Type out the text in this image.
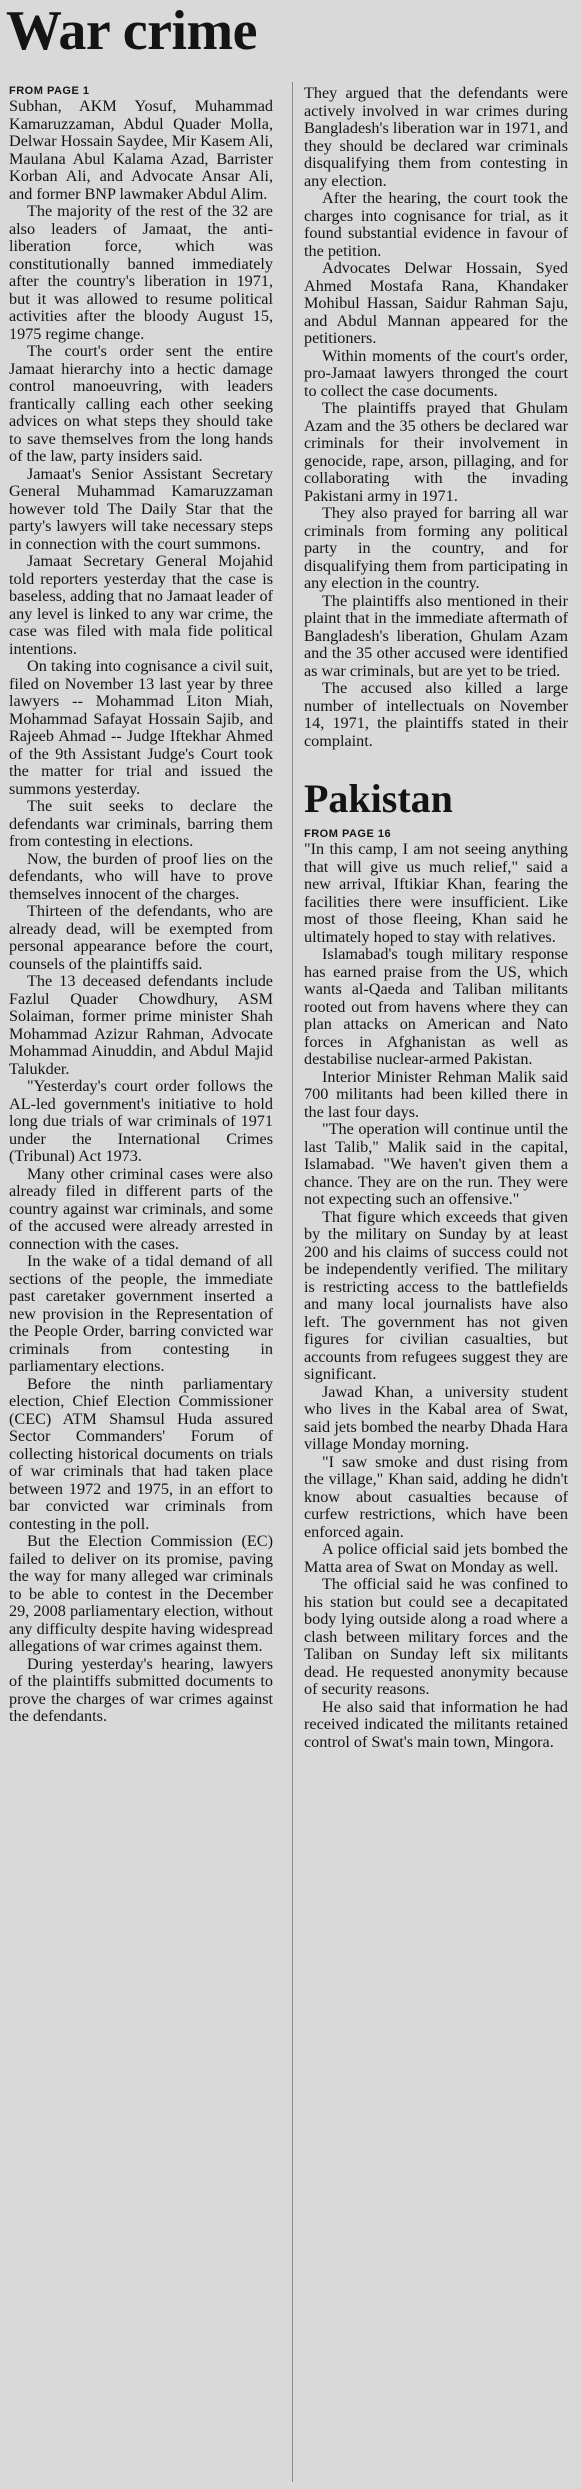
War crime
FROM PAGE 1

Subhan, AKM Yosuf, Muhammad Kamaruzzaman, Abdul Quader Molla, Delwar Hossain Saydee, Mir Kasem Ali, Maulana Abul Kalama Azad, Barrister Korban Ali, and Advocate Ansar Ali, and former BNP lawmaker Abdul Alim.

The majority of the rest of the 32 are also leaders of Jamaat, the anti-liberation force, which was constitutionally banned immediately after the country's liberation in 1971, but it was allowed to resume political activities after the bloody August 15, 1975 regime change.

The court's order sent the entire Jamaat hierarchy into a hectic damage control manoeuvring, with leaders frantically calling each other seeking advices on what steps they should take to save themselves from the long hands of the law, party insiders said.

Jamaat's Senior Assistant Secretary General Muhammad Kamaruzzaman however told The Daily Star that the party's lawyers will take necessary steps in connection with the court summons.

Jamaat Secretary General Mojahid told reporters yesterday that the case is baseless, adding that no Jamaat leader of any level is linked to any war crime, the case was filed with mala fide political intentions.

On taking into cognisance a civil suit, filed on November 13 last year by three lawyers -- Mohammad Liton Miah, Mohammad Safayat Hossain Sajib, and Rajeeb Ahmad -- Judge Iftekhar Ahmed of the 9th Assistant Judge's Court took the matter for trial and issued the summons yesterday.

The suit seeks to declare the defendants war criminals, barring them from contesting in elections.

Now, the burden of proof lies on the defendants, who will have to prove themselves innocent of the charges.

Thirteen of the defendants, who are already dead, will be exempted from personal appearance before the court, counsels of the plaintiffs said.

The 13 deceased defendants include Fazlul Quader Chowdhury, ASM Solaiman, former prime minister Shah Mohammad Azizur Rahman, Advocate Mohammad Ainuddin, and Abdul Majid Talukder.

"Yesterday's court order follows the AL-led government's initiative to hold long due trials of war criminals of 1971 under the International Crimes (Tribunal) Act 1973.

Many other criminal cases were also already filed in different parts of the country against war criminals, and some of the accused were already arrested in connection with the cases.

In the wake of a tidal demand of all sections of the people, the immediate past caretaker government inserted a new provision in the Representation of the People Order, barring convicted war criminals from contesting in parliamentary elections.

Before the ninth parliamentary election, Chief Election Commissioner (CEC) ATM Shamsul Huda assured Sector Commanders' Forum of collecting historical documents on trials of war criminals that had taken place between 1972 and 1975, in an effort to bar convicted war criminals from contesting in the poll.

But the Election Commission (EC) failed to deliver on its promise, paving the way for many alleged war criminals to be able to contest in the December 29, 2008 parliamentary election, without any difficulty despite having widespread allegations of war crimes against them.

During yesterday's hearing, lawyers of the plaintiffs submitted documents to prove the charges of war crimes against the defendants.

They argued that the defendants were actively involved in war crimes during Bangladesh's liberation war in 1971, and they should be declared war criminals disqualifying them from contesting in any election.

After the hearing, the court took the charges into cognisance for trial, as it found substantial evidence in favour of the petition.

Advocates Delwar Hossain, Syed Ahmed Mostafa Rana, Khandaker Mohibul Hassan, Saidur Rahman Saju, and Abdul Mannan appeared for the petitioners.

Within moments of the court's order, pro-Jamaat lawyers thronged the court to collect the case documents.

The plaintiffs prayed that Ghulam Azam and the 35 others be declared war criminals for their involvement in genocide, rape, arson, pillaging, and for collaborating with the invading Pakistani army in 1971.

They also prayed for barring all war criminals from forming any political party in the country, and for disqualifying them from participating in any election in the country.

The plaintiffs also mentioned in their plaint that in the immediate aftermath of Bangladesh's liberation, Ghulam Azam and the 35 other accused were identified as war criminals, but are yet to be tried.

The accused also killed a large number of intellectuals on November 14, 1971, the plaintiffs stated in their complaint.

Pakistan
FROM PAGE 16

"In this camp, I am not seeing anything that will give us much relief," said a new arrival, Iftikiar Khan, fearing the facilities there were insufficient. Like most of those fleeing, Khan said he ultimately hoped to stay with relatives.

Islamabad's tough military response has earned praise from the US, which wants al-Qaeda and Taliban militants rooted out from havens where they can plan attacks on American and Nato forces in Afghanistan as well as destabilise nuclear-armed Pakistan.

Interior Minister Rehman Malik said 700 militants had been killed there in the last four days.

"The operation will continue until the last Talib," Malik said in the capital, Islamabad. "We haven't given them a chance. They are on the run. They were not expecting such an offensive."

That figure which exceeds that given by the military on Sunday by at least 200 and his claims of success could not be independently verified. The military is restricting access to the battlefields and many local journalists have also left. The government has not given figures for civilian casualties, but accounts from refugees suggest they are significant.

Jawad Khan, a university student who lives in the Kabal area of Swat, said jets bombed the nearby Dhada Hara village Monday morning.

"I saw smoke and dust rising from the village," Khan said, adding he didn't know about casualties because of curfew restrictions, which have been enforced again.

A police official said jets bombed the Matta area of Swat on Monday as well.

The official said he was confined to his station but could see a decapitated body lying outside along a road where a clash between military forces and the Taliban on Sunday left six militants dead. He requested anonymity because of security reasons.

He also said that information he had received indicated the militants retained control of Swat's main town, Mingora.
